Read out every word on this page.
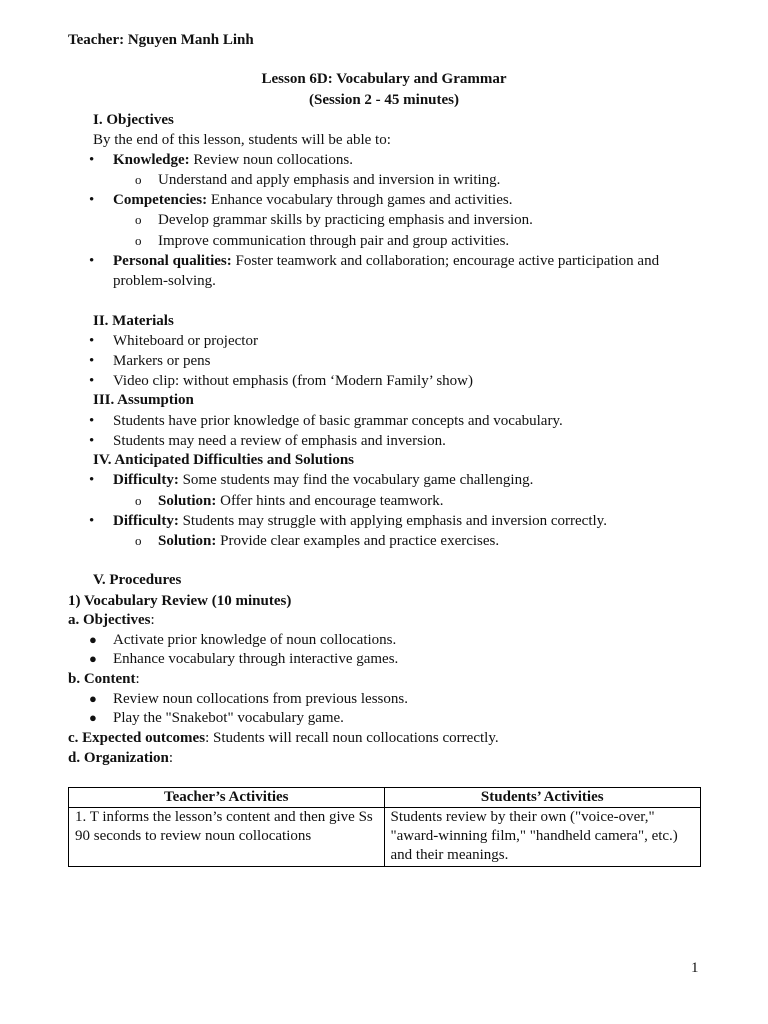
Teacher: Nguyen Manh Linh
Lesson 6D: Vocabulary and Grammar
(Session 2 - 45 minutes)
I. Objectives
By the end of this lesson, students will be able to:
• Knowledge: Review noun collocations.
o Understand and apply emphasis and inversion in writing.
• Competencies: Enhance vocabulary through games and activities.
o Develop grammar skills by practicing emphasis and inversion.
o Improve communication through pair and group activities.
• Personal qualities: Foster teamwork and collaboration; encourage active participation and
problem-solving.
II. Materials
• Whiteboard or projector
• Markers or pens
• Video clip: without emphasis (from ‘Modern Family’ show)
III. Assumption
• Students have prior knowledge of basic grammar concepts and vocabulary.
• Students may need a review of emphasis and inversion.
IV. Anticipated Difficulties and Solutions
• Difficulty: Some students may find the vocabulary game challenging.
o Solution: Offer hints and encourage teamwork.
• Difficulty: Students may struggle with applying emphasis and inversion correctly.
o Solution: Provide clear examples and practice exercises.
V. Procedures
1) Vocabulary Review (10 minutes)
a. Objectives:
● Activate prior knowledge of noun collocations.
● Enhance vocabulary through interactive games.
b. Content:
● Review noun collocations from previous lessons.
● Play the "Snakebot" vocabulary game.
c. Expected outcomes: Students will recall noun collocations correctly.
d. Organization:
Teacher’s Activities	Students’ Activities
1. T informs the lesson’s content and then give Ss 90 seconds to review noun collocations	Students review by their own ("voice-over," "award-winning film," "handheld camera", etc.) and their meanings.
1
